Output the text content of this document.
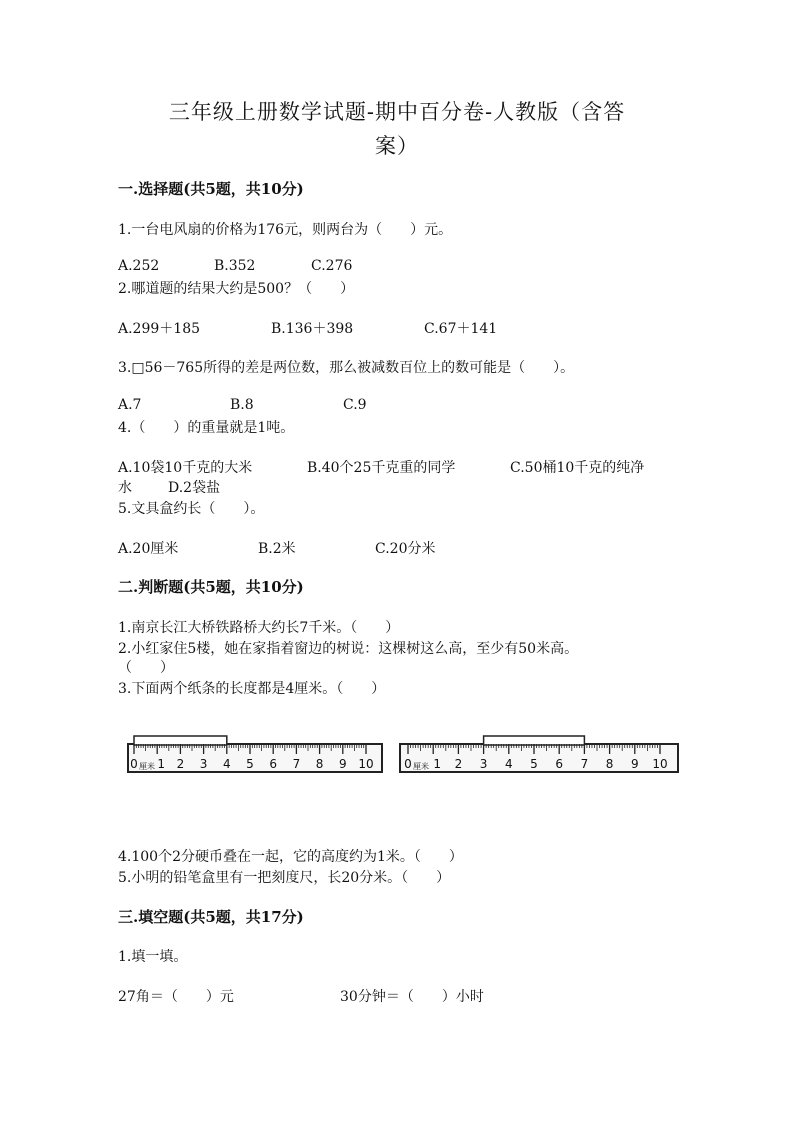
三年级上册数学试题-期中百分卷-人教版（含答
案）
一.选择题(共5题，共10分)
1.一台电风扇的价格为176元，则两台为（　　）元。
A.252	B.352	C.276
2.哪道题的结果大约是500？（　　）
A.299＋185	B.136＋398	C.67＋141
3.□56－765所得的差是两位数，那么被减数百位上的数可能是（　　）。
A.7	B.8	C.9
4.（　　）的重量就是1吨。
A.10袋10千克的大米	B.40个25千克重的同学	C.50桶10千克的纯净
水	D.2袋盐
5.文具盒约长（　　）。
A.20厘米	B.2米	C.20分米
二.判断题(共5题，共10分)
1.南京长江大桥铁路桥大约长7千米。（　　）
2.小红家住5楼，她在家指着窗边的树说：这棵树这么高，至少有50米高。
（　　）
3.下面两个纸条的长度都是4厘米。（　　）
0	2 3 4 5 6 7 8 9 10
厘米 1	0	2 3 4 5 6 7 8 9 10
厘米 1
4.100个2分硬币叠在一起，它的高度约为1米。（　　）
5.小明的铅笔盒里有一把刻度尺，长20分米。（　　）
三.填空题(共5题，共17分)
1.填一填。
27角＝（　　）元	30分钟＝（　　）小时
